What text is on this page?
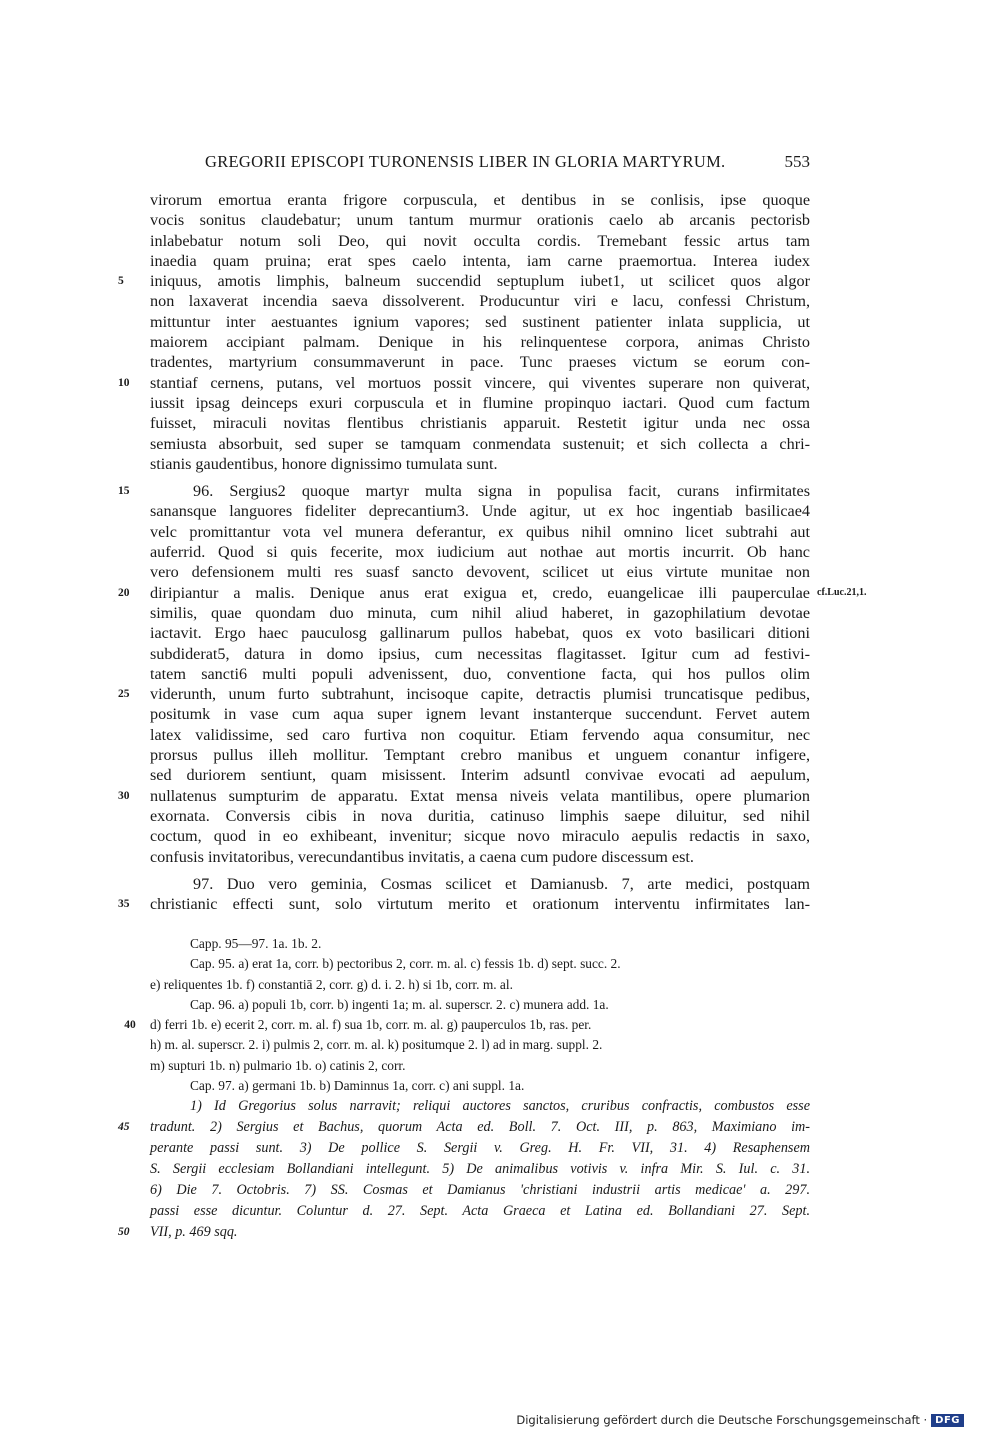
GREGORII EPISCOPI TURONENSIS LIBER IN GLORIA MARTYRUM.	553
virorum emortua eranta frigore corpuscula, et dentibus in se conlisis, ipse quoque
vocis sonitus claudebatur; unum tantum murmur orationis caelo ab arcanis pectorisb
inlabebatur notum soli Deo, qui novit occulta cordis. Tremebant fessic artus tam
inaedia quam pruina; erat spes caelo intenta, iam carne praemortua. Interea iudex
iniquus, amotis limphis, balneum succendid septuplum iubet1, ut scilicet quos algor
5
non laxaverat incendia saeva dissolverent. Producuntur viri e lacu, confessi Christum,
mittuntur inter aestuantes ignium vapores; sed sustinent patienter inlata supplicia, ut
maiorem accipiant palmam. Denique in his relinquentese corpora, animas Christo
tradentes, martyrium consummaverunt in pace. Tunc praeses victum se eorum con-
stantiaf cernens, putans, vel mortuos possit vincere, qui viventes superare non quiverat,
10
iussit ipsag deinceps exuri corpuscula et in flumine propinquo iactari. Quod cum factum
fuisset, miraculi novitas flentibus christianis apparuit. Restetit igitur unda nec ossa
semiusta absorbuit, sed super se tamquam conmendata sustenuit; et sich collecta a chri-
stianis gaudentibus, honore dignissimo tumulata sunt.
96. Sergius2 quoque martyr multa signa in populisa facit, curans infirmitates
15
sanansque languores fideliter deprecantium3. Unde agitur, ut ex hoc ingentiab basilicae4
velc promittantur vota vel munera deferantur, ex quibus nihil omnino licet subtrahi aut
auferrid. Quod si quis fecerite, mox iudicium aut nothae aut mortis incurrit. Ob hanc
vero defensionem multi res suasf sancto devovent, scilicet ut eius virtute munitae non
diripiantur a malis. Denique anus erat exigua et, credo, euangelicae illi pauperculae
20	cf.Luc.21,1.
similis, quae quondam duo minuta, cum nihil aliud haberet, in gazophilatium devotae
iactavit. Ergo haec pauculosg gallinarum pullos habebat, quos ex voto basilicari ditioni
subdiderat5, datura in domo ipsius, cum necessitas flagitasset. Igitur cum ad festivi-
tatem sancti6 multi populi advenissent, duo, conventione facta, qui hos pullos olim
viderunth, unum furto subtrahunt, incisoque capite, detractis plumisi truncatisque pedibus,
25
positumk in vase cum aqua super ignem levant instanterque succendunt. Fervet autem
latex validissime, sed caro furtiva non coquitur. Etiam fervendo aqua consumitur, nec
prorsus pullus illeh mollitur. Temptant crebro manibus et unguem conantur infigere,
sed duriorem sentiunt, quam misissent. Interim adsuntl convivae evocati ad aepulum,
nullatenus sumpturim de apparatu. Extat mensa niveis velata mantilibus, opere plumarion
30
exornata. Conversis cibis in nova duritia, catinuso limphis saepe diluitur, sed nihil
coctum, quod in eo exhibeant, invenitur; sicque novo miraculo aepulis redactis in saxo,
confusis invitatoribus, verecundantibus invitatis, a caena cum pudore discessum est.
97. Duo vero geminia, Cosmas scilicet et Damianusb. 7, arte medici, postquam
christianic effecti sunt, solo virtutum merito et orationum interventu infirmitates lan-
35
Capp. 95—97. 1a. 1b. 2.
Cap. 95. a) erat 1a, corr. b) pectoribus 2, corr. m. al. c) fessis 1b. d) sept. succ. 2.
e) reliquentes 1b. f) constantiā 2, corr. g) d. i. 2. h) si 1b, corr. m. al.
Cap. 96. a) populi 1b, corr. b) ingenti 1a; m. al. superscr. 2. c) munera add. 1a.
d) ferri 1b. e) ecerit 2, corr. m. al. f) sua 1b, corr. m. al. g) pauperculos 1b, ras. per.
40
h) m. al. superscr. 2. i) pulmis 2, corr. m. al. k) positumque 2. l) ad in marg. suppl. 2.
m) supturi 1b. n) pulmario 1b. o) catinis 2, corr.
Cap. 97. a) germani 1b. b) Daminnus 1a, corr. c) ani suppl. 1a.
1) Id Gregorius solus narravit; reliqui auctores sanctos, cruribus confractis, combustos esse
tradunt. 2) Sergius et Bachus, quorum Acta ed. Boll. 7. Oct. III, p. 863, Maximiano im-
45
perante passi sunt. 3) De pollice S. Sergii v. Greg. H. Fr. VII, 31. 4) Resaphensem
S. Sergii ecclesiam Bollandiani intellegunt. 5) De animalibus votivis v. infra Mir. S. Iul. c. 31.
6) Die 7. Octobris. 7) SS. Cosmas et Damianus 'christiani industrii artis medicae' a. 297.
passi esse dicuntur. Coluntur d. 27. Sept. Acta Graeca et Latina ed. Bollandiani 27. Sept.
VII, p. 469 sqq.
50
Digitalisierung gefördert durch die Deutsche Forschungsgemeinschaft · DFG
